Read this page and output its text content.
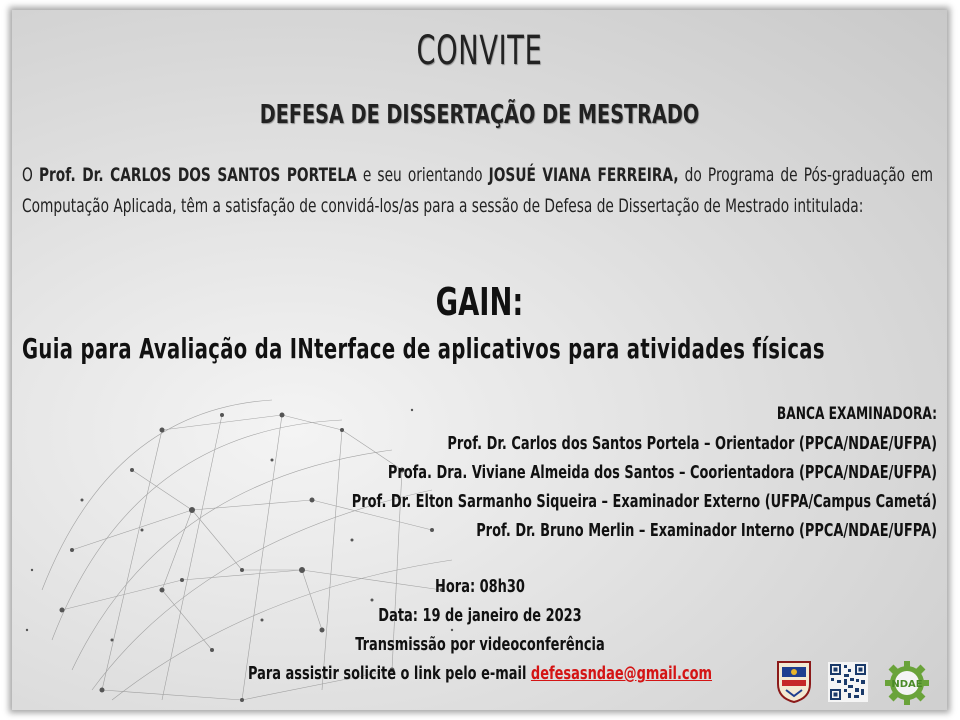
CONVITE
DEFESA DE DISSERTAÇÃO DE MESTRADO
O Prof. Dr. CARLOS DOS SANTOS PORTELA e seu orientando JOSUÉ VIANA FERREIRA, do Programa de Pós-graduação em Computação Aplicada, têm a satisfação de convidá-los/as para a sessão de Defesa de Dissertação de Mestrado intitulada:
GAIN:
Guia para Avaliação da INterface de aplicativos para atividades físicas
BANCA EXAMINADORA:
Prof. Dr. Carlos dos Santos Portela – Orientador (PPCA/NDAE/UFPA)
Profa. Dra. Viviane Almeida dos Santos – Coorientadora (PPCA/NDAE/UFPA)
Prof. Dr. Elton Sarmanho Siqueira – Examinador Externo (UFPA/Campus Cametá)
Prof. Dr. Bruno Merlin – Examinador Interno (PPCA/NDAE/UFPA)
NDAE
Hora: 08h30
Data: 19 de janeiro de 2023
Transmissão por videoconferência
Para assistir solicite o link pelo e-mail defesasndae@gmail.com
